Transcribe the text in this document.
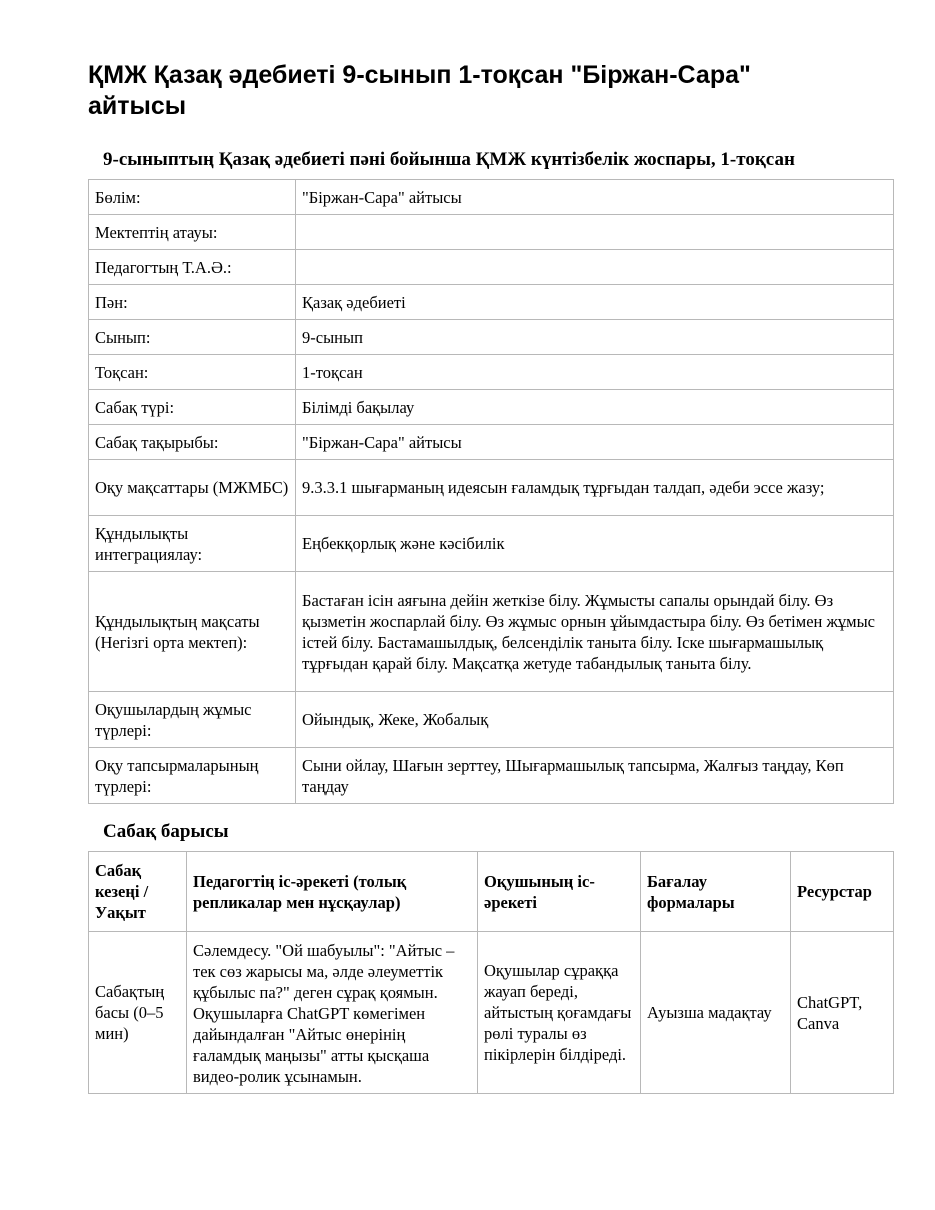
ҚМЖ Қазақ әдебиеті 9-сынып 1-тоқсан "Біржан-Сара" айтысы
9-сыныптың Қазақ әдебиеті пәні бойынша ҚМЖ күнтізбелік жоспары, 1-тоқсан
Бөлім:	"Біржан-Сара" айтысы
Мектептің атауы:	
Педагогтың Т.А.Ә.:	
Пән:	Қазақ әдебиеті
Сынып:	9-сынып
Тоқсан:	1-тоқсан
Сабақ түрі:	Білімді бақылау
Сабақ тақырыбы:	"Біржан-Сара" айтысы
Оқу мақсаттары (МЖМБС)	9.3.3.1 шығарманың идеясын ғаламдық тұрғыдан талдап, әдеби эссе жазу;
Құндылықты интеграциялау:	Еңбекқорлық және кәсібилік
Құндылықтың мақсаты (Негізгі орта мектеп):	Бастаған ісін аяғына дейін жеткізе білу. Жұмысты сапалы орындай білу. Өз қызметін жоспарлай білу. Өз жұмыс орнын ұйымдастыра білу. Өз бетімен жұмыс істей білу. Бастамашылдық, белсенділік таныта білу. Іске шығармашылық тұрғыдан қарай білу. Мақсатқа жетуде табандылық таныта білу.
Оқушылардың жұмыс түрлері:	Ойындық, Жеке, Жобалық
Оқу тапсырмаларының түрлері:	Сыни ойлау, Шағын зерттеу, Шығармашылық тапсырма, Жалғыз таңдау, Көп таңдау
Сабақ барысы
Сабақ кезеңі / Уақыт	Педагогтің іс-әрекеті (толық репликалар мен нұсқаулар)	Оқушының іс-әрекеті	Бағалау формалары	Ресурстар
Сабақтың басы (0–5 мин)	Сәлемдесу. "Ой шабуылы": "Айтыс – тек сөз жарысы ма, әлде әлеуметтік құбылыс па?" деген сұрақ қоямын. Оқушыларға ChatGPT көмегімен дайындалған "Айтыс өнерінің ғаламдық маңызы" атты қысқаша видео-ролик ұсынамын.	Оқушылар сұраққа жауап береді, айтыстың қоғамдағы рөлі туралы өз пікірлерін білдіреді.	Ауызша мадақтау	ChatGPT, Canva
